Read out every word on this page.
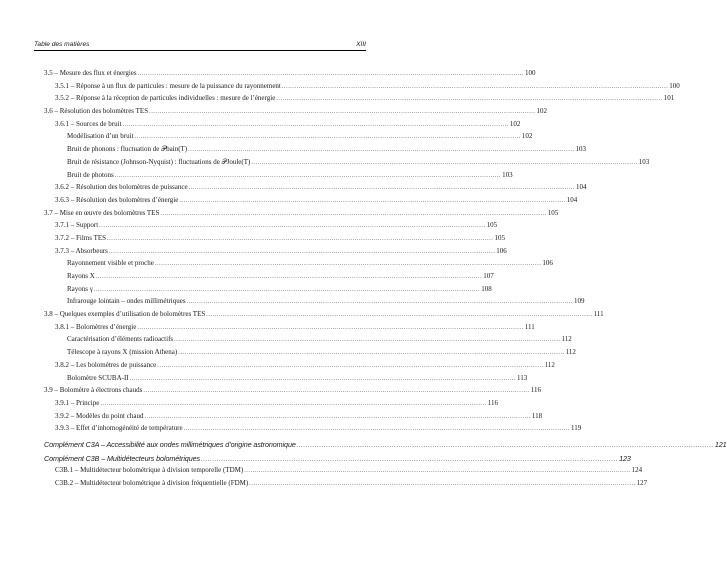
Table des matières	XIII
3.5 – Mesure des flux et énergies .....	100
3.5.1 – Réponse à un flux de particules : mesure de la puissance du rayonnement .....	100
3.5.2 – Réponse à la réception de particules individuelles : mesure de l’énergie .....	101
3.6 – Résolution des bolomètres TES .....	102
3.6.1 – Sources de bruit .....	102
Modélisation d’un bruit .....	102
Bruit de phonons : fluctuation de 𝒫bain(T) .....	103
Bruit de résistance (Johnson-Nyquist) : fluctuations de 𝒫Joule(T) .....	103
Bruit de photons .....	103
3.6.2 – Résolution des bolomètres de puissance .....	104
3.6.3 – Résolution des bolomètres d’énergie .....	104
3.7 – Mise en œuvre des bolomètres TES .....	105
3.7.1 – Support .....	105
3.7.2 – Films TES .....	105
3.7.3 – Absorbeurs .....	106
Rayonnement visible et proche .....	106
Rayons X .....	107
Rayons γ .....	108
Infrarouge lointain – ondes millimétriques .....	109
3.8 – Quelques exemples d’utilisation de bolomètres TES .....	111
3.8.1 – Bolomètres d’énergie .....	111
Caractérisation d’éléments radioactifs .....	112
Télescope à rayons X (mission Athena) .....	112
3.8.2 – Les bolomètres de puissance .....	112
Bolomètre SCUBA-II .....	113
3.9 – Bolomètre à électrons chauds .....	116
3.9.1 – Principe .....	116
3.9.2 – Modèles du point chaud .....	118
3.9.3 – Effet d’inhomogénéité de température .....	119
Complément C3A – Accessibilité aux ondes millimétriques d’origine astronomique .....	121
Complément C3B – Multidétecteurs bolométriques .....	123
C3B.1 – Multidétecteur bolométrique à division temporelle (TDM) .....	124
C3B.2 – Multidétecteur bolométrique à division fréquentielle (FDM) .....	127
